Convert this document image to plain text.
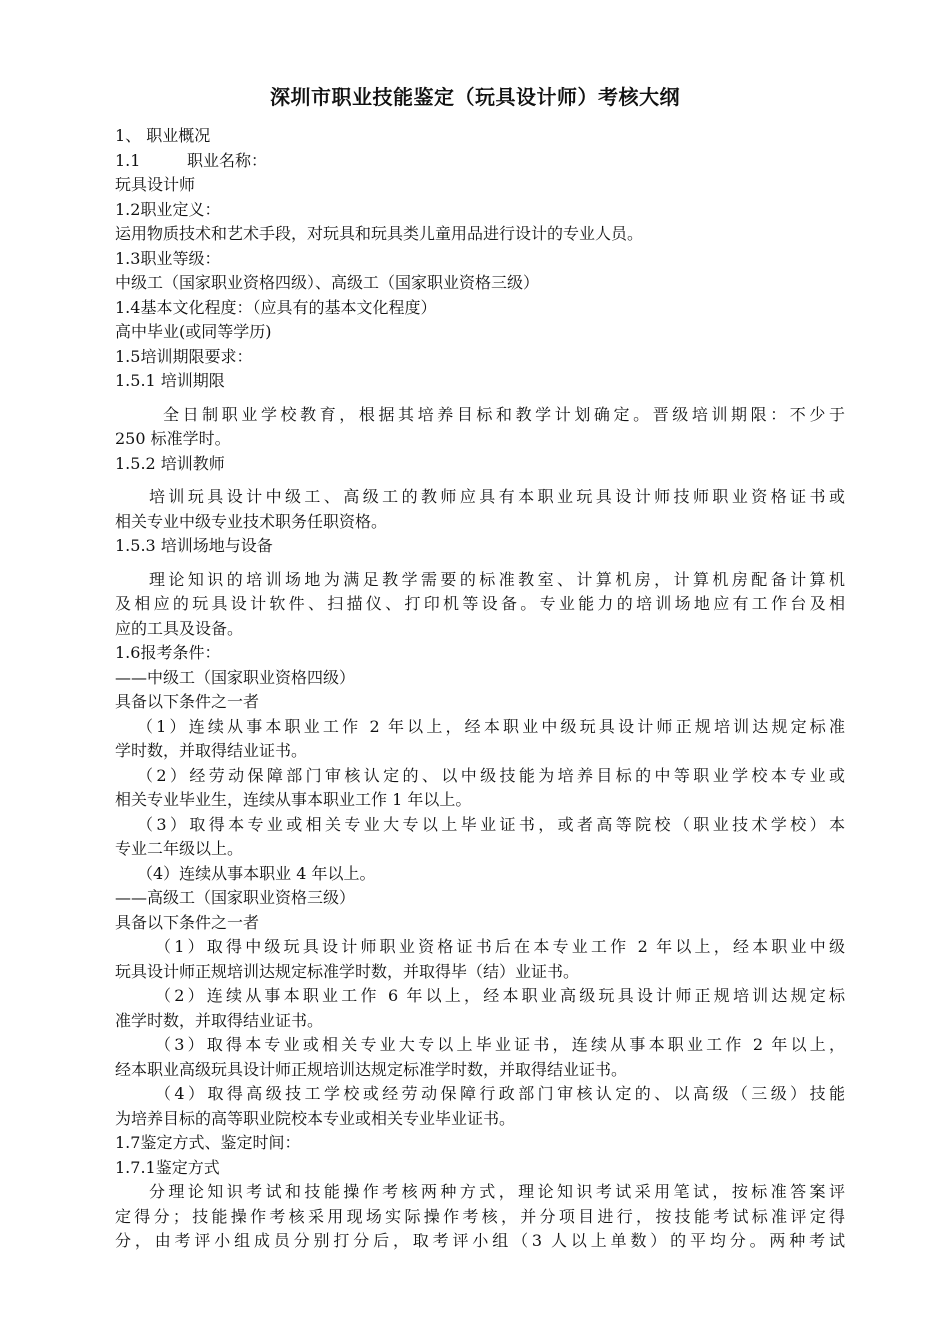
深圳市职业技能鉴定（玩具设计师）考核大纲

1、 职业概况

1.1	职业名称：

玩具设计师

1.2职业定义：

运用物质技术和艺术手段，对玩具和玩具类儿童用品进行设计的专业人员。

1.3职业等级：

中级工（国家职业资格四级）、高级工（国家职业资格三级）

1.4基本文化程度：（应具有的基本文化程度）

高中毕业(或同等学历)

1.5培训期限要求：

1.5.1 培训期限

全日制职业学校教育，根据其培养目标和教学计划确定。晋级培训期限：不少于

250 标准学时。

1.5.2 培训教师

培训玩具设计中级工、高级工的教师应具有本职业玩具设计师技师职业资格证书或

相关专业中级专业技术职务任职资格。

1.5.3 培训场地与设备

理论知识的培训场地为满足教学需要的标准教室、计算机房，计算机房配备计算机

及相应的玩具设计软件、扫描仪、打印机等设备。专业能力的培训场地应有工作台及相

应的工具及设备。

1.6报考条件：

——中级工（国家职业资格四级）

具备以下条件之一者

（1）连续从事本职业工作 2 年以上，经本职业中级玩具设计师正规培训达规定标准

学时数，并取得结业证书。

（2）经劳动保障部门审核认定的、以中级技能为培养目标的中等职业学校本专业或

相关专业毕业生，连续从事本职业工作 1 年以上。

（3）取得本专业或相关专业大专以上毕业证书，或者高等院校（职业技术学校）本

专业二年级以上。

（4）连续从事本职业 4 年以上。

——高级工（国家职业资格三级）

具备以下条件之一者

（1）取得中级玩具设计师职业资格证书后在本专业工作 2 年以上，经本职业中级

玩具设计师正规培训达规定标准学时数，并取得毕（结）业证书。

（2）连续从事本职业工作 6 年以上，经本职业高级玩具设计师正规培训达规定标

准学时数，并取得结业证书。

（3）取得本专业或相关专业大专以上毕业证书，连续从事本职业工作 2 年以上，

经本职业高级玩具设计师正规培训达规定标准学时数，并取得结业证书。

（4）取得高级技工学校或经劳动保障行政部门审核认定的、以高级（三级）技能

为培养目标的高等职业院校本专业或相关专业毕业证书。

1.7鉴定方式、鉴定时间：

1.7.1鉴定方式

分理论知识考试和技能操作考核两种方式，理论知识考试采用笔试，按标准答案评

定得分；技能操作考核采用现场实际操作考核，并分项目进行，按技能考试标准评定得

分，由考评小组成员分别打分后，取考评小组（3 人以上单数）的平均分。两种考试
